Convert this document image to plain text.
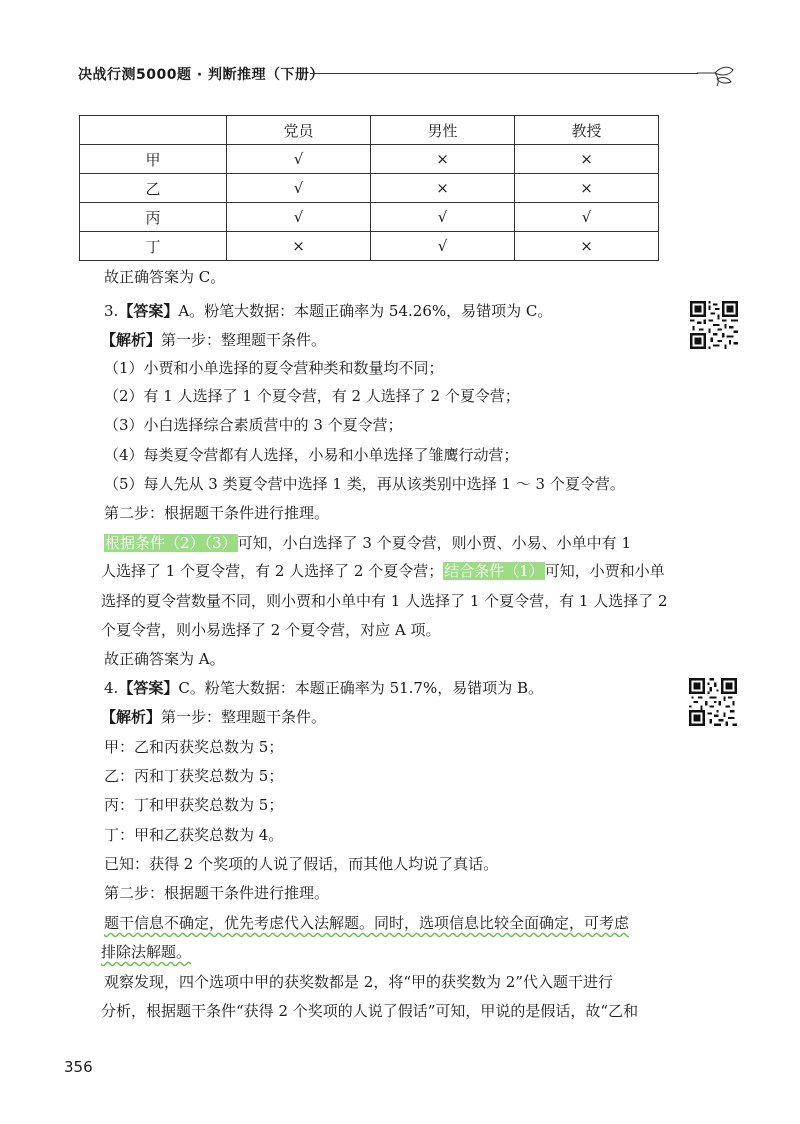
决战行测5000题 · 判断推理（下册）
	党员	男性	教授
甲	√	×	×
乙	√	×	×
丙	√	√	√
丁	×	√	×
故正确答案为 C。
3.【答案】A。粉笔大数据：本题正确率为 54.26%，易错项为 C。
【解析】第一步：整理题干条件。
（1）小贾和小单选择的夏令营种类和数量均不同；
（2）有 1 人选择了 1 个夏令营，有 2 人选择了 2 个夏令营；
（3）小白选择综合素质营中的 3 个夏令营；
（4）每类夏令营都有人选择，小易和小单选择了雏鹰行动营；
（5）每人先从 3 类夏令营中选择 1 类，再从该类别中选择 1 ～ 3 个夏令营。
第二步：根据题干条件进行推理。
根据条件（2）（3）可知，小白选择了 3 个夏令营，则小贾、小易、小单中有 1
人选择了 1 个夏令营，有 2 人选择了 2 个夏令营；结合条件（1）可知，小贾和小单
选择的夏令营数量不同，则小贾和小单中有 1 人选择了 1 个夏令营，有 1 人选择了 2
个夏令营，则小易选择了 2 个夏令营，对应 A 项。
故正确答案为 A。
4.【答案】C。粉笔大数据：本题正确率为 51.7%，易错项为 B。
【解析】第一步：整理题干条件。
甲：乙和丙获奖总数为 5；
乙：丙和丁获奖总数为 5；
丙：丁和甲获奖总数为 5；
丁：甲和乙获奖总数为 4。
已知：获得 2 个奖项的人说了假话，而其他人均说了真话。
第二步：根据题干条件进行推理。
题干信息不确定，优先考虑代入法解题。同时，选项信息比较全面确定，可考虑
排除法解题。
观察发现，四个选项中甲的获奖数都是 2，将“甲的获奖数为 2”代入题干进行
分析，根据题干条件“获得 2 个奖项的人说了假话”可知，甲说的是假话，故“乙和
356
